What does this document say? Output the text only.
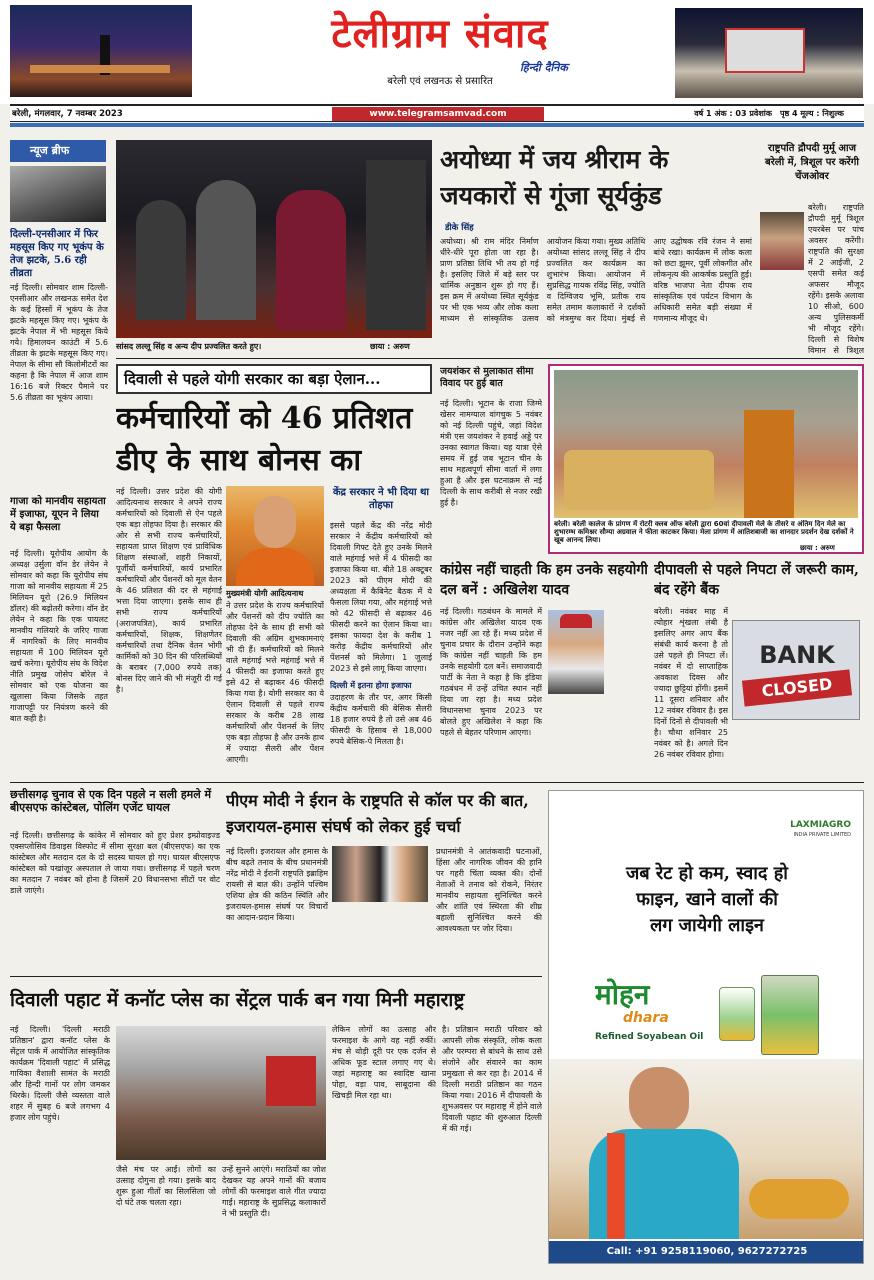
टेलीग्राम संवाद
हिन्दी दैनिक
बरेली एवं लखनऊ से प्रसारित
बरेली, मंगलवार, 7 नवम्बर 2023	www.telegramsamvad.com	वर्ष 1 अंक : 03 प्रवेशांक पृष्ठ 4 मूल्य : निशुल्क
न्यूज ब्रीफ
दिल्ली-एनसीआर में फिर महसूस किए गए भूकंप के तेज झटके, 5.6 रही तीव्रता
नई दिल्ली। सोमवार शाम दिल्ली-एनसीआर और लखनऊ समेत देश के कई हिस्सों में भूकंप के तेज झटके महसूस किए गए। भूकंप के झटके नेपाल में भी महसूस किये गये। हिमालयन काउंटी में 5.6 तीव्रता के झटके महसूस किए गए। नेपाल के सीमा सौ किलोमीटरों का कहना है कि नेपाल में आज शाम 16:16 बजे रिक्टर पैमाने पर 5.6 तीव्रता का भूकंप आया।
गाजा को मानवीय सहायता में इजाफा, यूएन ने लिया ये बड़ा फैसला
नई दिल्ली। यूरोपीय आयोग के अध्यक्ष उर्सुला वॉन डेर लेयेन ने सोमवार को कहा कि यूरोपीय संघ गाजा को मानवीय सहायता में 25 मिलियन यूरो (26.9 मिलियन डॉलर) की बढ़ोतरी करेगा। वॉन डेर लेयेन ने कहा कि एक पायलट मानवीय गलियारे के जरिए गाजा में नागरिकों के लिए मानवीय सहायता में 100 मिलियन यूरो खर्च करेगा। यूरोपीय संघ के विदेश नीति प्रमुख जोसेप बोरेल ने सोमवार को एक योजना का खुलासा किया जिसके तहत गाजापट्टी पर नियंत्रण करने की बात कही है।
सांसद लल्लू सिंह व अन्य दीप प्रज्वलित करते हुए।	छाया : अरुण
अयोध्या में जय श्रीराम के जयकारों से गूंजा सूर्यकुंड
डीके सिंह
अयोध्या। श्री राम मंदिर निर्माण धीरे-धीरे पूरा होता जा रहा है। प्राण प्रतिष्ठा तिथि भी तय हो गई है। इसलिए जिले में बड़े स्तर पर धार्मिक अनुष्ठान शुरू हो गए हैं। इस क्रम में अयोध्या स्थित सूर्यकुंड पर भी एक भव्य और लोक कला माध्यम से सांस्कृतिक उत्सव आयोजन किया गया। मुख्य अतिथि अयोध्या सांसद लल्लू सिंह ने दीप प्रज्वलित कर कार्यक्रम का शुभारंभ किया। आयोजन में सुप्रसिद्ध गायक रविंद्र सिंह, ज्योति व दिग्विजय भूमि, प्रतीक राय समेत तमाम कलाकारों ने दर्शकों को मंत्रमुग्ध कर दिया। मुंबई से आए उद्घोषक रवि रंजन ने समां बांधे रखा। कार्यक्रम में लोक कला को छटा झूमर, पूर्वी लोकगीत और लोकनृत्य की आकर्षक प्रस्तुति हुई। वरिष्ठ भाजपा नेता दीपक राय सांस्कृतिक एवं पर्यटन विभाग के अधिकारी समेत बड़ी संख्या में गणमान्य मौजूद थे।
राष्ट्रपति द्रौपदी मुर्मू आज बरेली में, त्रिशूल पर करेंगी चेंजओवर
बरेली। राष्ट्रपति द्रौपदी मुर्मू त्रिशूल एयरबेस पर पांच अवसर करेंगी। राष्ट्रपति की सुरक्षा में 2 आईजी, 2 एसपी समेत कई अफसर मौजूद रहेंगे। इसके अलावा 10 सीओ, 600 अन्य पुलिसकर्मी भी मौजूद रहेंगे। दिल्ली से विशेष विमान से त्रिशूल
दिवाली से पहले योगी सरकार का बड़ा ऐलान...
कर्मचारियों को 46 प्रतिशत
डीए के साथ बोनस का
नई दिल्ली। उत्तर प्रदेश की योगी आदित्यनाथ सरकार ने अपने राज्य कर्मचारियों को दिवाली से ऐन पहले एक बड़ा तोहफा दिया है। सरकार की ओर से सभी राज्य कर्मचारियों, सहायता प्राप्त शिक्षण एवं प्राविधिक शिक्षण संस्थाओं, शहरी निकायों, पूर्जीयों कर्मचारियों, कार्य प्रभारित कर्मचारियों और पेंशनरों को मूल वेतन के 46 प्रतिशत की दर से महंगाई भत्ता दिया जाएगा। इसके साथ ही सभी राज्य कर्मचारियों (अराजपत्रित), कार्य प्रभारित कर्मचारियों, शिक्षक, शिक्षणेतर कर्मचारियों तथा दैनिक वेतन भोगी कार्मिकों को 30 दिन की परिलब्धियों के बराबर (7,000 रुपये तक) बोनस दिए जाने की भी मंजूरी दी गई है।
मुख्यमंत्री योगी आदित्यनाथ
ने उत्तर प्रदेश के राज्य कर्मचारियों और पेंशनरों को दीप ज्योति का तोहफा देने के साथ ही सभी को दिवाली की अग्रिम शुभकामनाएं भी दी हैं। कर्मचारियों को मिलने वाले महंगाई भत्ते महंगाई भत्ते में 4 फीसदी का इजाफा करते हुए इसे 42 से बढ़ाकर 46 फीसदी किया गया है। योगी सरकार का ये ऐलान दिवाली से पहले राज्य सरकार के करीब 28 लाख कर्मचारियों और पेंशनर्स के लिए एक बड़ा तोहफा है और उनके हाथ में ज्यादा सैलरी और पेंशन आएगी।
केंद्र सरकार ने भी दिया था तोहफा
इससे पहले केंद्र की नरेंद्र मोदी सरकार ने केंद्रीय कर्मचारियों को दिवाली गिफ्ट देते हुए उनके मिलने वाले महंगाई भत्ते में 4 फीसदी का इजाफा किया था. बीते 18 अक्टूबर 2023 को पीएम मोदी की अध्यक्षता में कैबिनेट बैठक में ये फैसला लिया गया, और महंगाई भत्ते को 42 फीसदी से बढ़ाकर 46 फीसदी करने का ऐलान किया था। इसका फायदा देश के करीब 1 करोड़ केंद्रीय कर्मचारियों और पेंशनर्स को मिलेगा। 1 जुलाई 2023 से इसे लागू किया जाएगा।
दिल्ली में इतना होगा इजाफा
उदाहरण के तौर पर, अगर किसी केंद्रीय कर्मचारी की बेसिक सैलरी 18 हजार रुपये है तो उसे अब 46 फीसदी के हिसाब से 18,000 रुपये बेसिक-पे मिलता है।
जयशंकर से मुलाकात सीमा विवाद पर हुई बात
नई दिल्ली। भूटान के राजा जिग्मे खेसर नामग्याल वांगचुक 5 नवंबर को नई दिल्ली पहुंचे, जहां विदेश मंत्री एस जयशंकर ने हवाई अड्डे पर उनका स्वागत किया। यह यात्रा ऐसे समय में हुई जब भूटान चीन के साथ महत्वपूर्ण सीमा वार्ता में लगा हुआ है और इस घटनाक्रम से नई दिल्ली के साथ करीबी से नजर रखी हुई है।
बरेली। बरेली कालेज के प्रांगण में रोटरी क्लब ऑफ बरेली द्वारा 60वां दीपावली मेले के तीसरे व अंतिम दिन मेले का शुभारम्भ कमिश्नर सौम्या अग्रवाल ने फीता काटकर किया। मेला प्रांगण में आतिशबाजी का शानदार प्रदर्शन देख दर्शकों ने खूब आनन्द लिया।
छाया : अरुण
कांग्रेस नहीं चाहती कि हम उनके सहयोगी दल बनें : अखिलेश यादव
नई दिल्ली। गठबंधन के मामले में कांग्रेस और अखिलेश यादव एक नजर नहीं आ रहे हैं। मध्य प्रदेश में चुनाव प्रचार के दौरान उन्होंने कहा कि कांग्रेस नहीं चाहती कि हम उनके सहयोगी दल बनें। समाजवादी पार्टी के नेता ने कहा है कि इंडिया गठबंधन में उन्हें उचित स्थान नहीं दिया जा रहा है। मध्य प्रदेश विधानसभा चुनाव 2023 पर बोलते हुए अखिलेश ने कहा कि पहले से बेहतर परिणाम आएगा।
दीपावली से पहले निपटा लें जरूरी काम, बंद रहेंगे बैंक
BANK
CLOSED
बरेली। नवंबर माह में त्योहार शृंखला लंबी है इसलिए अगर आप बैंक संबंधी कार्य करना है तो उसे पहले ही निपटा लें। नवंबर में दो साप्ताहिक अवकाश दिवस और ज्यादा छुट्टियां होंगी। इसमें 11 दूसरा शनिवार और 12 नवंबर रविवार है। इस दिनों दिनों से दीपावली भी है। चौथा शनिवार 25 नवंबर को है। अगले दिन 26 नवंबर रविवार होगा।
छत्तीसगढ़ चुनाव से एक दिन पहले न सली हमले में बीएसएफ कांस्टेबल, पोलिंग एजेंट घायल
नई दिल्ली। छत्तीसगढ़ के कांकेर में सोमवार को हुए प्रेशर इम्प्रोवाइज्ड एक्सप्लोसिव डिवाइस विस्फोट में सीमा सुरक्षा बल (बीएसएफ) का एक कांस्टेबल और मतदान दल के दो सदस्य घायल हो गए। घायल बीएसएफ कांस्टेबल को पखांजूर अस्पताल ले जाया गया। छत्तीसगढ़ में पहले चरण का मतदान 7 नवंबर को होना है जिसमें 20 विधानसभा सीटों पर वोट डाले जाएंगे।
पीएम मोदी ने ईरान के राष्ट्रपति से कॉल पर की बात, इजरायल-हमास संघर्ष को लेकर हुई चर्चा
नई दिल्ली। इजरायल और हमास के बीच बढ़ते तनाव के बीच प्रधानमंत्री नरेंद्र मोदी ने ईरानी राष्ट्रपति इब्राहिम रायसी से बात की। उन्होंने पश्चिम एशिया क्षेत्र की कठिन स्थिति और इजरायल-हमास संघर्ष पर विचारों का आदान-प्रदान किया।
प्रधानमंत्री ने आतंकवादी घटनाओं, हिंसा और नागरिक जीवन की हानि पर गहरी चिंता व्यक्त की। दोनों नेताओं ने तनाव को रोकने, निरंतर मानवीय सहायता सुनिश्चित करने और शांति एवं स्थिरता की शीघ्र बहाली सुनिश्चित करने की आवश्यकता पर जोर दिया।
LAXMIAGRO
INDIA PRIVATE LIMITED
जब रेट हो कम, स्वाद हो
फाइन, खाने वालों की
लग जायेगी लाइन
मोहन
dhara
Refined Soyabean Oil
Call: +91 9258119060, 9627272725
दिवाली पहाट में कनॉट प्लेस का सेंट्रल पार्क बन गया मिनी महाराष्ट्र
नई दिल्ली। 'दिल्ली मराठी प्रतिष्ठान' द्वारा कनॉट प्लेस के सेंट्रल पार्क में आयोजित सांस्कृतिक कार्यक्रम 'दिवाली पहाट' में प्रसिद्ध गायिका वैशाली सामंत के मराठी और हिन्दी गानों पर लोग जमकर थिरके। दिल्ली जैसे व्यस्तता वाले शहर में सुबह 6 बजे लगभग 4 हजार लोग पहुंचे।
जैसे मंच पर आईं। लोगों का उत्साह दोगुना हो गया। इसके बाद शुरू हुआ गीतों का सिलसिला जो दो घंटे तक चलता रहा।
उन्हें सुनने आएंगे। मराठियों का जोश देखकर यह अपने गानों की बजाय लोगों की फरमाइश वाले गीत ज्यादा गाईं। महाराष्ट्र के सुप्रसिद्ध कलाकारों ने भी प्रस्तुति दी।
लेकिन लोगों का उत्साह और फरमाइश के आगे वह नहीं रुकीं। मंच से थोड़ी दूरी पर एक दर्जन से अधिक फूड स्टाल लगाए गए थे। जहां महाराष्ट्र का स्वादिष्ट खाना पोहा, वड़ा पाव, साबूदाना की खिचड़ी मिल रहा था।
है। प्रतिष्ठान मराठी परिवार को आपसी लोक संस्कृति, लोक कला और परम्परा से बांधने के साथ उसे संजोने और संवारने का काम प्रमुखता से कर रहा है। 2014 में दिल्ली मराठी प्रतिष्ठान का गठन किया गया। 2016 में दीपावली के शुभअवसर पर महाराष्ट्र में होने वाले दिवाली पहाट की शुरुआत दिल्ली में की गई।
